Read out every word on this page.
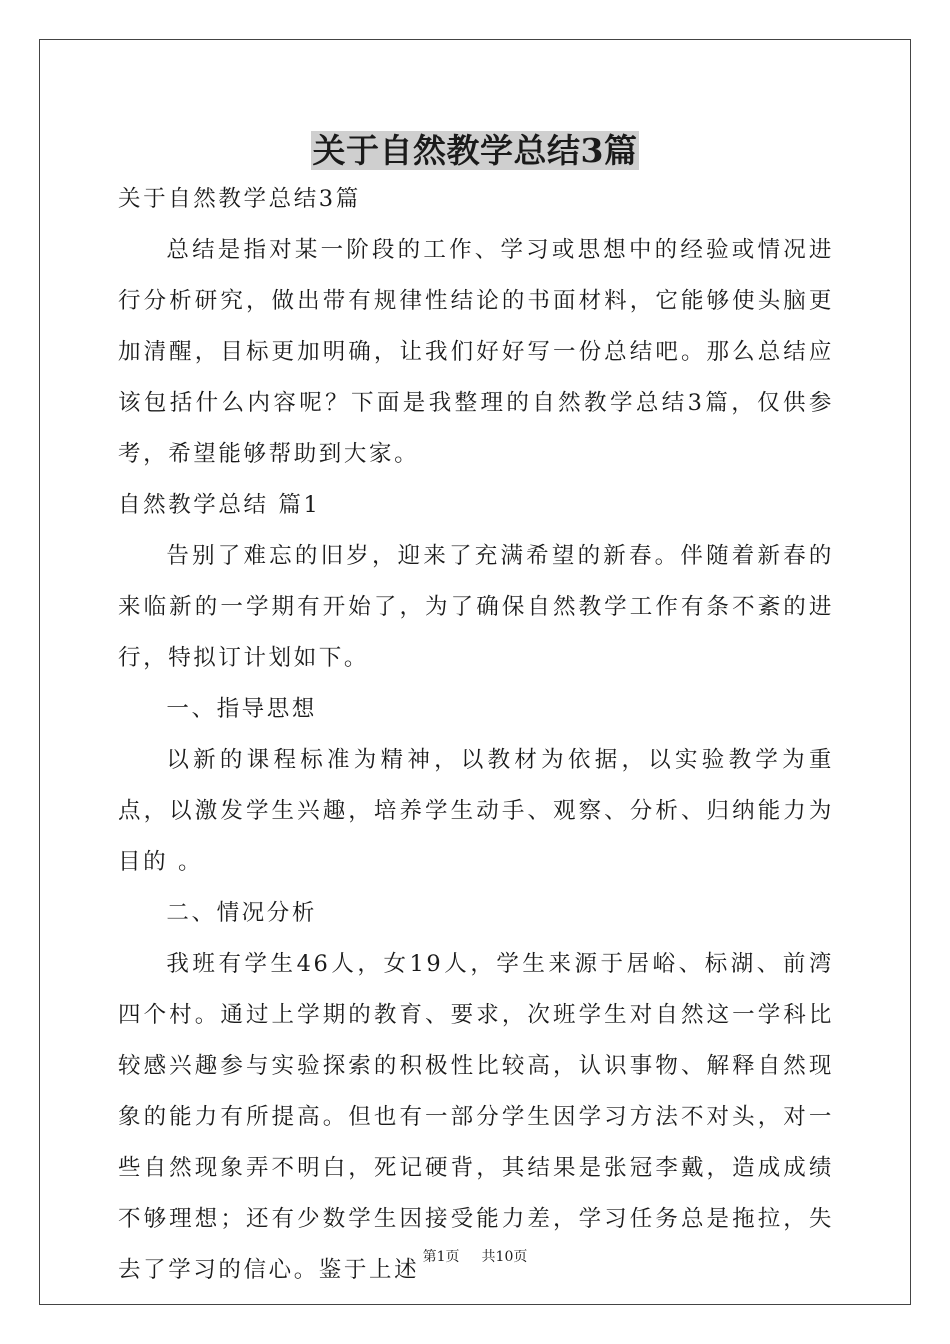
关于自然教学总结3篇

关于自然教学总结3篇

总结是指对某一阶段的工作、学习或思想中的经验或情况进行分析研究，做出带有规律性结论的书面材料，它能够使头脑更加清醒，目标更加明确，让我们好好写一份总结吧。那么总结应该包括什么内容呢？下面是我整理的自然教学总结3篇，仅供参考，希望能够帮助到大家。

自然教学总结 篇1

告别了难忘的旧岁，迎来了充满希望的新春。伴随着新春的来临新的一学期有开始了，为了确保自然教学工作有条不紊的进行，特拟订计划如下。

一、指导思想

以新的课程标准为精神，以教材为依据，以实验教学为重点，以激发学生兴趣，培养学生动手、观察、分析、归纳能力为目的 。

二、情况分析

我班有学生46人，女19人，学生来源于居峪、标湖、前湾四个村。通过上学期的教育、要求，次班学生对自然这一学科比较感兴趣参与实验探索的积极性比较高，认识事物、解释自然现象的能力有所提高。但也有一部分学生因学习方法不对头，对一些自然现象弄不明白，死记硬背，其结果是张冠李戴，造成成绩不够理想；还有少数学生因接受能力差，学习任务总是拖拉，失去了学习的信心。鉴于上述 第1页 共10页
